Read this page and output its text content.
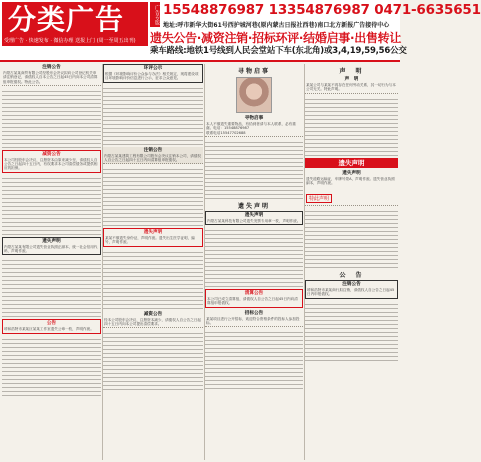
分类广告
受理广告 · 快速发布 · 微信办理 送报上门 (周一至周五出刊)
广告专版 15548876987 13354876987 0471-6635651
地址:呼市新华大街61号西护城河巷(原内蒙古日报社西巷)南口北方新报广告接待中心
遗失公告·减资注销·招标环评·结婚启事·出售转让
乘车路线:地铁1号线到人民会堂站下车(东北角)或3,4,19,59,56公交
注销公告

内蒙古某某商贸有限公司经股东会决议拟向公司登记机关申请注销登记，请债权人自本公告之日起45日内向本公司清算组申报债权。特此公告。

减资公告

本公司经股东会决议，注册资本由原来减少至，请债权人自公告之日起四十五日内，有权要求本公司清偿债务或提供相应的担保。

遗失声明

内蒙古某某有限公司遗失营业执照正副本，统一社会信用代码，声明作废。

公告

呼和浩特市某某区某某工作室遗失公章一枚，声明作废。

环评公示

根据《环境影响评价公众参与办法》相关规定，现将建设项目环境影响评价信息进行公示，征求公众意见。

注销公告

内蒙古某某建筑工程有限公司股东会决议注销本公司，请债权人自公告之日起四十五日内向清算组申报债权。

遗失声明

某某不慎遗失身份证，声明作废。遗失出生医学证明，编号，声明作废。

减资公告

经本公司股东会决议，注册资本减少，请债权人自公告之日起四十五日内向本公司提出清偿要求。

寻物启事
寻物启事

本人不慎遗失重要物品，有拾到者请与本人联系，必有重谢。电话：15548876987

联系电话15547702688

遗失声明
遗失声明

内蒙古某某科技有限公司遗失发票专用章一枚，声明作废。

清算公告

本公司已成立清算组，请债权人自公告之日起45日内向清算组申报债权。

招标公告

某某项目进行公开招标，欢迎符合资格条件的投标人参加投标。

声　明
声　明

某某公司与某某不再存在任何劳动关系，其一切行为与本公司无关。特此声明。

遗失声明
遗失声明

遗失道路运输证，车牌号蒙A，声明作废。遗失营业执照副本，声明作废。

特此声明
公　告
注销公告

呼和浩特市某某商行拟注销，请债权人自公告之日起45日内申报债权。
